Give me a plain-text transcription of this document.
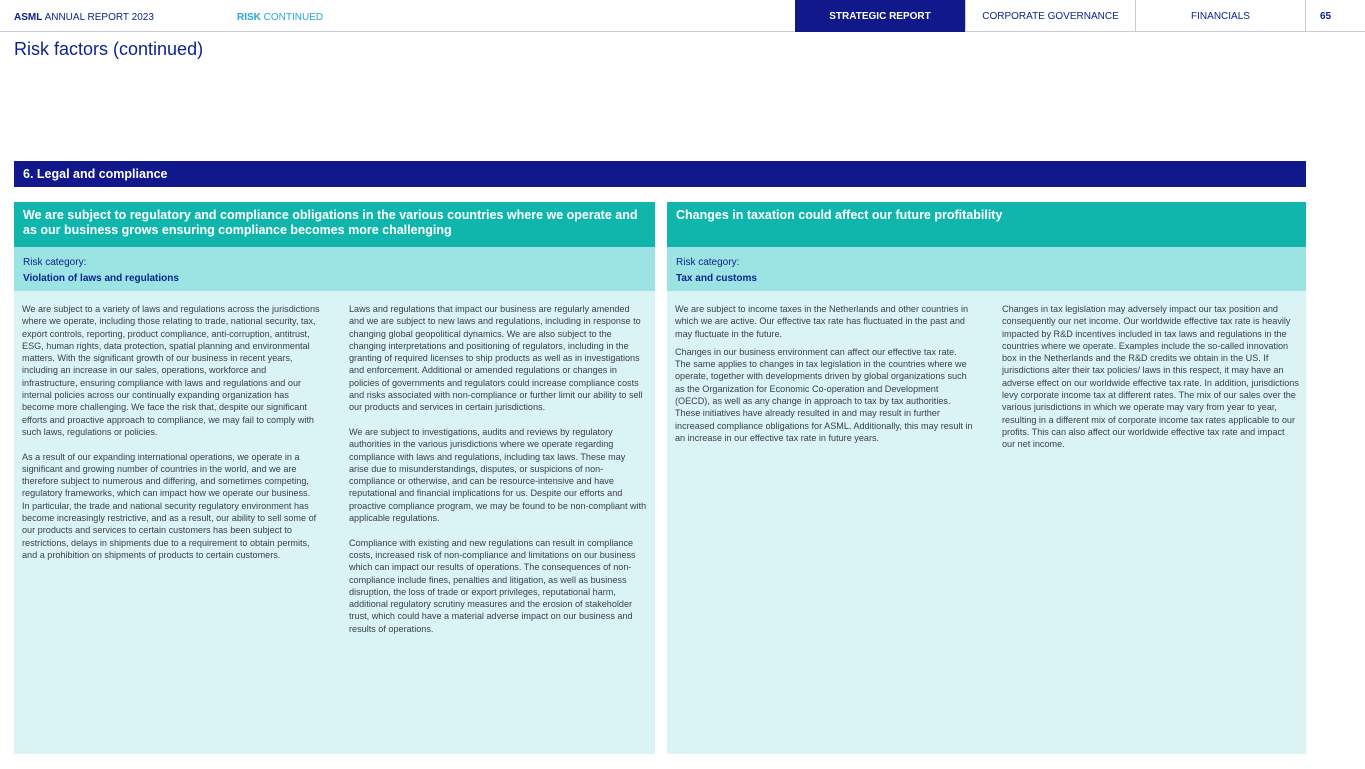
ASML ANNUAL REPORT 2023	RISK CONTINUED	STRATEGIC REPORT	CORPORATE GOVERNANCE	FINANCIALS	65
Risk factors (continued)
6. Legal and compliance
We are subject to regulatory and compliance obligations in the various countries where we operate and as our business grows ensuring compliance becomes more challenging
Risk category:
Violation of laws and regulations

We are subject to a variety of laws and regulations across the jurisdictions where we operate, including those relating to trade, national security, tax, export controls, reporting, product compliance, anti-corruption, antitrust, ESG, human rights, data protection, spatial planning and environmental matters. With the significant growth of our business in recent years, including an increase in our sales, operations, workforce and infrastructure, ensuring compliance with laws and regulations and our internal policies across our continually expanding organization has become more challenging. We face the risk that, despite our significant efforts and proactive approach to compliance, we may fail to comply with such laws, regulations or policies.

As a result of our expanding international operations, we operate in a significant and growing number of countries in the world, and we are therefore subject to numerous and differing, and sometimes competing, regulatory frameworks, which can impact how we operate our business. In particular, the trade and national security regulatory environment has become increasingly restrictive, and as a result, our ability to sell some of our products and services to certain customers has been subject to restrictions, delays in shipments due to a requirement to obtain permits, and a prohibition on shipments of products to certain customers.

Laws and regulations that impact our business are regularly amended and we are subject to new laws and regulations, including in response to changing global geopolitical dynamics. We are also subject to the changing interpretations and positioning of regulators, including in the granting of required licenses to ship products as well as in investigations and enforcement. Additional or amended regulations or changes in policies of governments and regulators could increase compliance costs and risks associated with non-compliance or further limit our ability to sell our products and services in certain jurisdictions.

We are subject to investigations, audits and reviews by regulatory authorities in the various jurisdictions where we operate regarding compliance with laws and regulations, including tax laws. These may arise due to misunderstandings, disputes, or suspicions of non-compliance or otherwise, and can be resource-intensive and have reputational and financial implications for us. Despite our efforts and proactive compliance program, we may be found to be non-compliant with applicable regulations.

Compliance with existing and new regulations can result in compliance costs, increased risk of non-compliance and limitations on our business which can impact our results of operations. The consequences of non-compliance include fines, penalties and litigation, as well as business disruption, the loss of trade or export privileges, reputational harm, additional regulatory scrutiny measures and the erosion of stakeholder trust, which could have a material adverse impact on our business and results of operations.

Changes in taxation could affect our future profitability
Risk category:
Tax and customs

We are subject to income taxes in the Netherlands and other countries in which we are active. Our effective tax rate has fluctuated in the past and may fluctuate in the future.

Changes in our business environment can affect our effective tax rate. The same applies to changes in tax legislation in the countries where we operate, together with developments driven by global organizations such as the Organization for Economic Co-operation and Development (OECD), as well as any change in approach to tax by tax authorities. These initiatives have already resulted in and may result in further increased compliance obligations for ASML. Additionally, this may result in an increase in our effective tax rate in future years.

Changes in tax legislation may adversely impact our tax position and consequently our net income. Our worldwide effective tax rate is heavily impacted by R&D incentives included in tax laws and regulations in the countries where we operate. Examples include the so-called innovation box in the Netherlands and the R&D credits we obtain in the US. If jurisdictions alter their tax policies/ laws in this respect, it may have an adverse effect on our worldwide effective tax rate. In addition, jurisdictions levy corporate income tax at different rates. The mix of our sales over the various jurisdictions in which we operate may vary from year to year, resulting in a different mix of corporate income tax rates applicable to our profits. This can also affect our worldwide effective tax rate and impact our net income.
